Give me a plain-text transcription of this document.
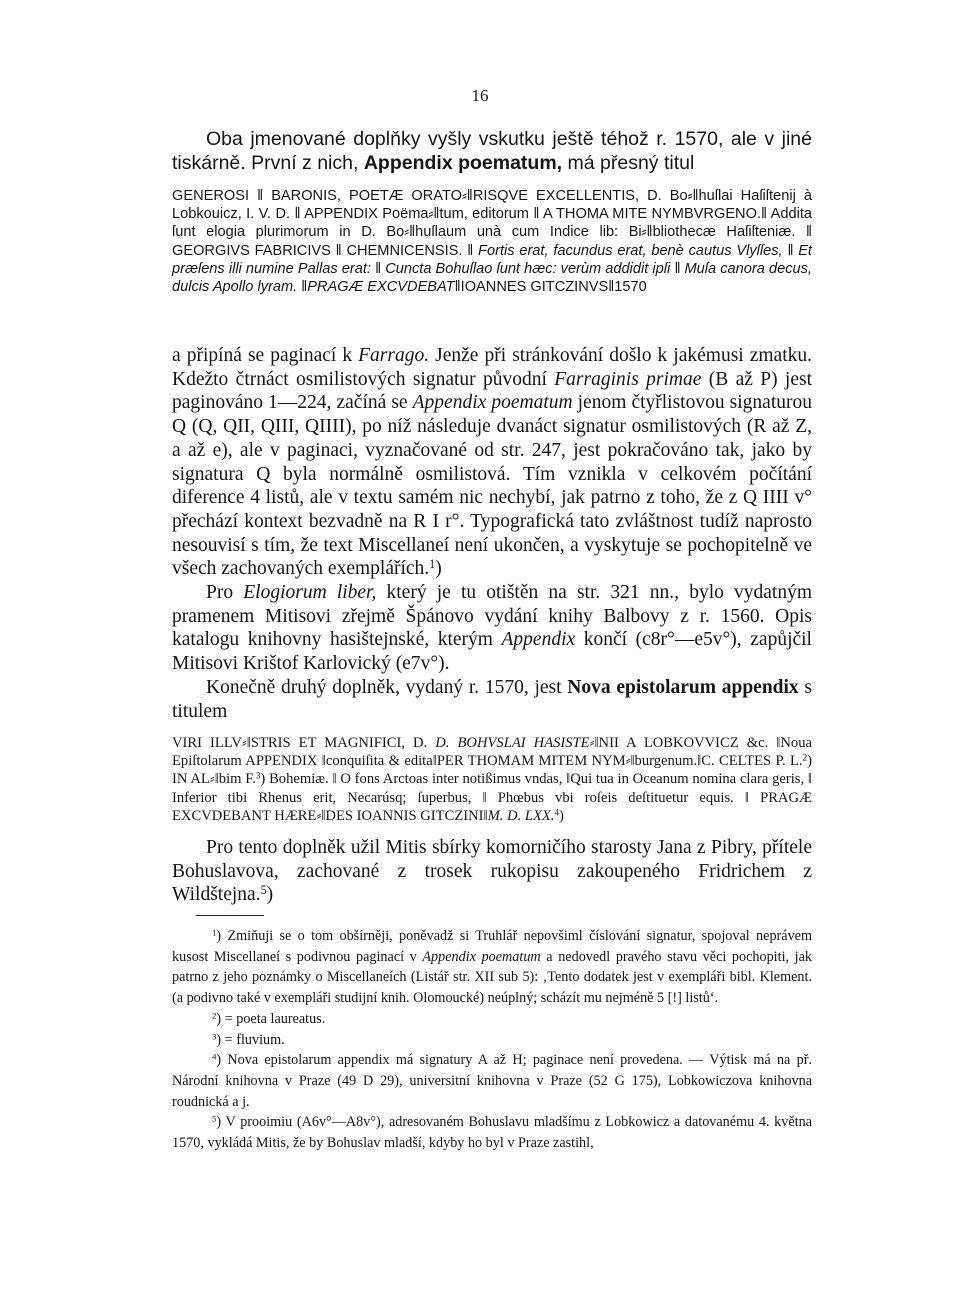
16

Oba jmenované doplňky vyšly vskutku ještě téhož r. 1570, ale v jiné tiskárně. První z nich, Appendix poematum, má přesný titul

GENEROSI ‖ BARONIS, POETÆ ORATO⸗‖RISQVE EXCELLENTIS, D. Bo⸗‖huſlai Haſiſtenij à Lobkouicz, I. V. D. ‖ APPENDIX Poëma⸗‖tum, editorum ‖ A THOMA MITE NYMBVRGENO.‖ Addita ſunt elogia plurimorum in D. Bo⸗‖huſlaum unà cum Indice lib: Bi⸗‖bliothecæ Haſiſteniæ. ‖ GEORGIVS FABRICIVS ‖ CHEMNICENSIS. ‖ Fortis erat, facundus erat, benè cautus Vlyſſes, ‖ Et præſens illi numine Pallas erat: ‖ Cuncta Bohuſlao ſunt hæc: verùm addidit ipſi ‖ Muſa canora decus, dulcis Apollo lyram. ‖PRAGÆ EXCVDEBAT‖IOANNES GITCZINVS‖1570

a připíná se paginací k Farrago. Jenže při stránkování došlo k jakémusi zmatku. Kdežto čtrnáct osmilistových signatur původní Farraginis primae (B až P) jest paginováno 1—224, začíná se Appendix poematum jenom čtyřlistovou signaturou Q (Q, QII, QIII, QIIII), po níž následuje dvanáct signatur osmilistových (R až Z, a až e), ale v paginaci, vyznačované od str. 247, jest pokračováno tak, jako by signatura Q byla normálně osmilistová. Tím vznikla v celkovém počítání diference 4 listů, ale v textu samém nic nechybí, jak patrno z toho, že z Q IIII v° přechází kontext bezvadně na R I r°. Typografická tato zvláštnost tudíž naprosto nesouvisí s tím, že text Miscellaneí není ukončen, a vyskytuje se pochopitelně ve všech zachovaných exemplářích.$^1$)

Pro Elogiorum liber, který je tu otištěn na str. 321 nn., bylo vydatným pramenem Mitisovi zřejmě Špánovo vydání knihy Balbovy z r. 1560. Opis katalogu knihovny hasištejnské, kterým Appendix končí (c8r°—e5v°), zapůjčil Mitisovi Krištof Karlovický (e7v°).

Konečně druhý doplněk, vydaný r. 1570, jest Nova epistolarum appendix s titulem

VIRI ILLV⸗‖STRIS ET MAGNIFICI, D. D. BOHVSLAI HASISTE⸗‖NII A LOBKOVVICZ &c. ‖Noua Epiſtolarum APPENDIX ‖conquiſita & edita‖PER THOMAM MITEM NYM⸗‖burgenum.‖C. CELTES P. L.$^2$) IN AL⸗‖bim F.$^3$) Bohemiæ. ‖ O fons Arctoas inter notißimus vndas, ‖Qui tua in Oceanum nomina clara geris, ‖ Inferior tibi Rhenus erit, Necarúsq; ſuperbus, ‖ Phœbus vbi roſeis deſtituetur equis. ‖ PRAGÆ EXCVDEBANT HÆRE⸗‖DES IOANNIS GITCZINI‖M. D. LXX.$^4$)

Pro tento doplněk užil Mitis sbírky komorničího starosty Jana z Pibry, přítele Bohuslavova, zachované z trosek rukopisu zakoupeného Fridrichem z Wildštejna.$^5$)

$^1$) Zmiňuji se o tom obšírněji, poněvadž si Truhlář nepovšiml číslování signatur, spojoval neprávem kusost Miscellaneí s podivnou paginací v Appendix poematum a nedovedl pravého stavu věci pochopiti, jak patrno z jeho poznámky o Miscellaneích (Listář str. XII sub 5): ‚Tento dodatek jest v exempláři bibl. Klement. (a podivno také v exempláři studijní knih. Olomoucké) neúplný; scházít mu nejméně 5 [!] listů‘.

$^2$) = poeta laureatus.

$^3$) = fluvium.

$^4$) Nova epistolarum appendix má signatury A až H; paginace není provedena. — Výtisk má na př. Národní knihovna v Praze (49 D 29), universitní knihovna v Praze (52 G 175), Lobkowiczova knihovna roudnická a j.

$^5$) V prooimiu (A6v°—A8v°), adresovaném Bohuslavu mladšímu z Lobkowicz a datovanému 4. května 1570, vykládá Mitis, že by Bohuslav mladší, kdyby ho byl v Praze zastihl,
